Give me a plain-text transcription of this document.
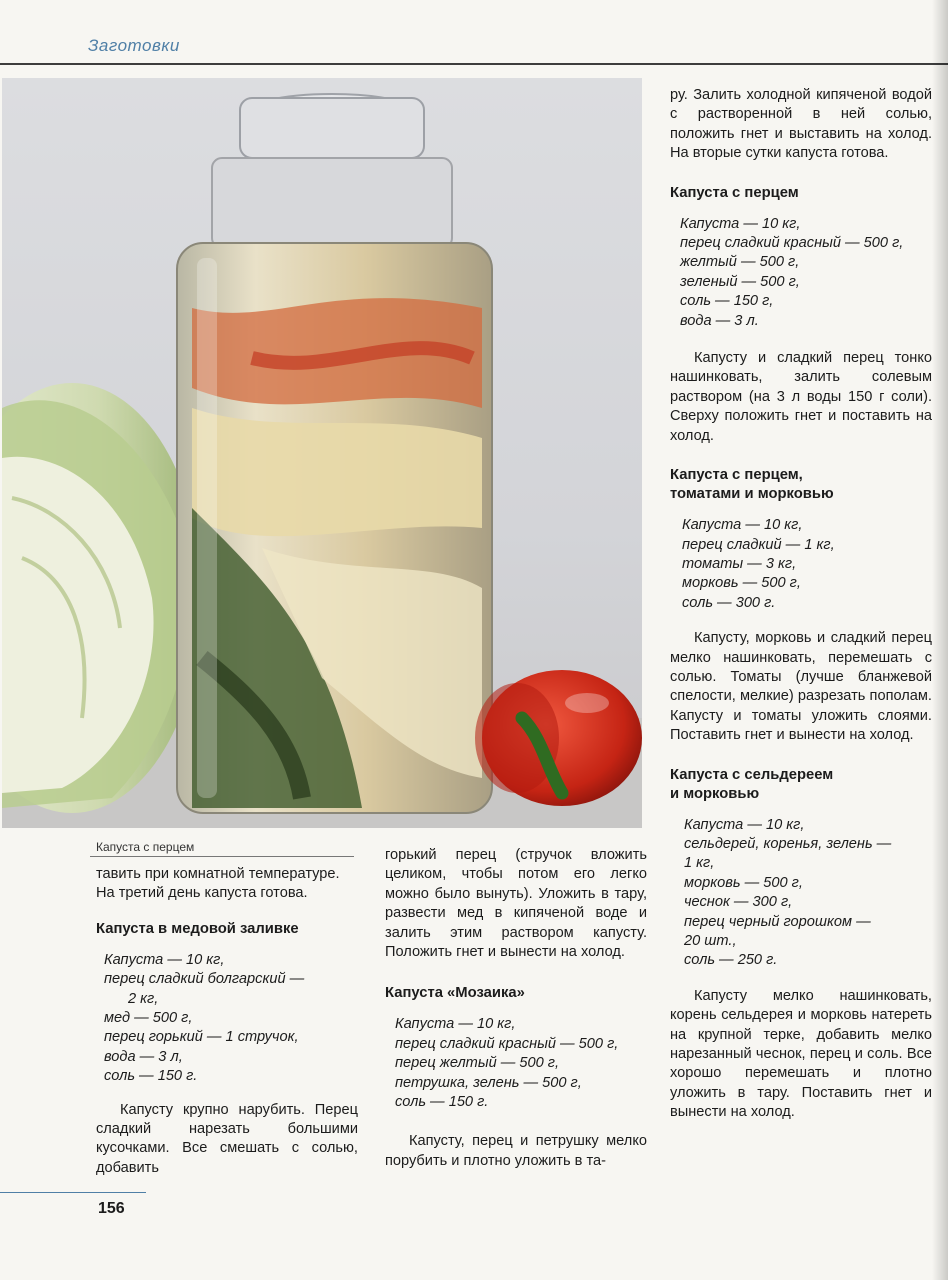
Заготовки
Капуста с перцем
тавить при комнатной температуре.
На третий день капуста готова.

Капуста в медовой заливке

Капуста — 10 кг,
перец сладкий болгарский —
2 кг,
мед — 500 г,
перец горький — 1 стручок,
вода — 3 л,
соль — 150 г.

Капусту крупно нарубить. Перец сладкий нарезать большими кусочками. Все смешать с солью, добавить

горький перец (стручок вложить целиком, чтобы потом его легко можно было вынуть). Уложить в тару, развести мед в кипяченой воде и залить этим раствором капусту. Положить гнет и вынести на холод.

Капуста «Мозаика»

Капуста — 10 кг,
перец сладкий красный — 500 г,
перец желтый — 500 г,
петрушка, зелень — 500 г,
соль — 150 г.

Капусту, перец и петрушку мелко порубить и плотно уложить в та-

ру. Залить холодной кипяченой водой с растворенной в ней солью, положить гнет и выставить на холод. На вторые сутки капуста готова.

Капуста с перцем

Капуста — 10 кг,
перец сладкий красный — 500 г,
желтый — 500 г,
зеленый — 500 г,
соль — 150 г,
вода — 3 л.

Капусту и сладкий перец тонко нашинковать, залить солевым раствором (на 3 л воды 150 г соли). Сверху положить гнет и поставить на холод.

Капуста с перцем,

томатами и морковью

Капуста — 10 кг,
перец сладкий — 1 кг,
томаты — 3 кг,
морковь — 500 г,
соль — 300 г.

Капусту, морковь и сладкий перец мелко нашинковать, перемешать с солью. Томаты (лучше бланжевой спелости, мелкие) разрезать пополам. Капусту и томаты уложить слоями. Поставить гнет и вынести на холод.

Капуста с сельдереем

и морковью

Капуста — 10 кг,
сельдерей, коренья, зелень —
1 кг,
морковь — 500 г,
чеснок — 300 г,
перец черный горошком —
20 шт.,
соль — 250 г.

Капусту мелко нашинковать, корень сельдерея и морковь натереть на крупной терке, добавить мелко нарезанный чеснок, перец и соль. Все хорошо перемешать и плотно уложить в тару. Поставить гнет и вынести на холод.

156
